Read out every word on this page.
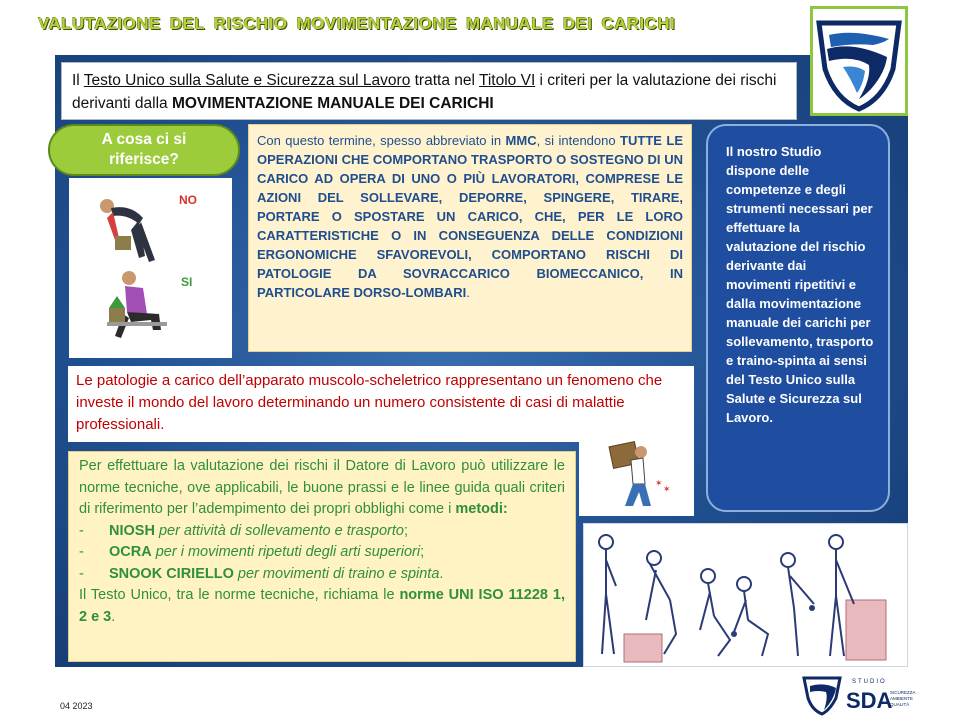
VALUTAZIONE DEL RISCHIO MOVIMENTAZIONE MANUALE DEI CARICHI
Il Testo Unico sulla Salute e Sicurezza sul Lavoro tratta nel Titolo VI i criteri per la valutazione dei rischi derivanti dalla MOVIMENTAZIONE MANUALE DEI CARICHI
A cosa ci si riferisce?
NO
SI
Con questo termine, spesso abbreviato in MMC, si intendono TUTTE LE OPERAZIONI CHE COMPORTANO TRASPORTO O SOSTEGNO DI UN CARICO AD OPERA DI UNO O PIÙ LAVORATORI, COMPRESE LE AZIONI DEL SOLLEVARE, DEPORRE, SPINGERE, TIRARE, PORTARE O SPOSTARE UN CARICO, CHE, PER LE LORO CARATTERISTICHE O IN CONSEGUENZA DELLE CONDIZIONI ERGONOMICHE SFAVOREVOLI, COMPORTANO RISCHI DI PATOLOGIE DA SOVRACCARICO BIOMECCANICO, IN PARTICOLARE DORSO-LOMBARI.
Il nostro Studio dispone delle competenze e degli strumenti necessari per effettuare la valutazione del rischio derivante dai movimenti ripetitivi e dalla movimentazione manuale dei carichi per sollevamento, trasporto e traino-spinta ai sensi del Testo Unico sulla Salute e Sicurezza sul Lavoro.
Le patologie a carico dell’apparato muscolo-scheletrico rappresentano un fenomeno che investe il mondo del lavoro determinando un numero consistente di casi di malattie professionali.
✶
✶
Per effettuare la valutazione dei rischi il Datore di Lavoro può utilizzare le norme tecniche, ove applicabili, le buone prassi e le linee guida quali criteri di riferimento per l’adempimento dei propri obblighi come i metodi:
-	NIOSH per attività di sollevamento e trasporto;
-	OCRA per i movimenti ripetuti degli arti superiori;
-	SNOOK CIRIELLO per movimenti di traino e spinta.
Il Testo Unico, tra le norme tecniche, richiama le norme UNI ISO 11228 1, 2 e 3.
04 2023
STUDIO
SDA
SICUREZZA
AMBIENTE
QUALITÀ
